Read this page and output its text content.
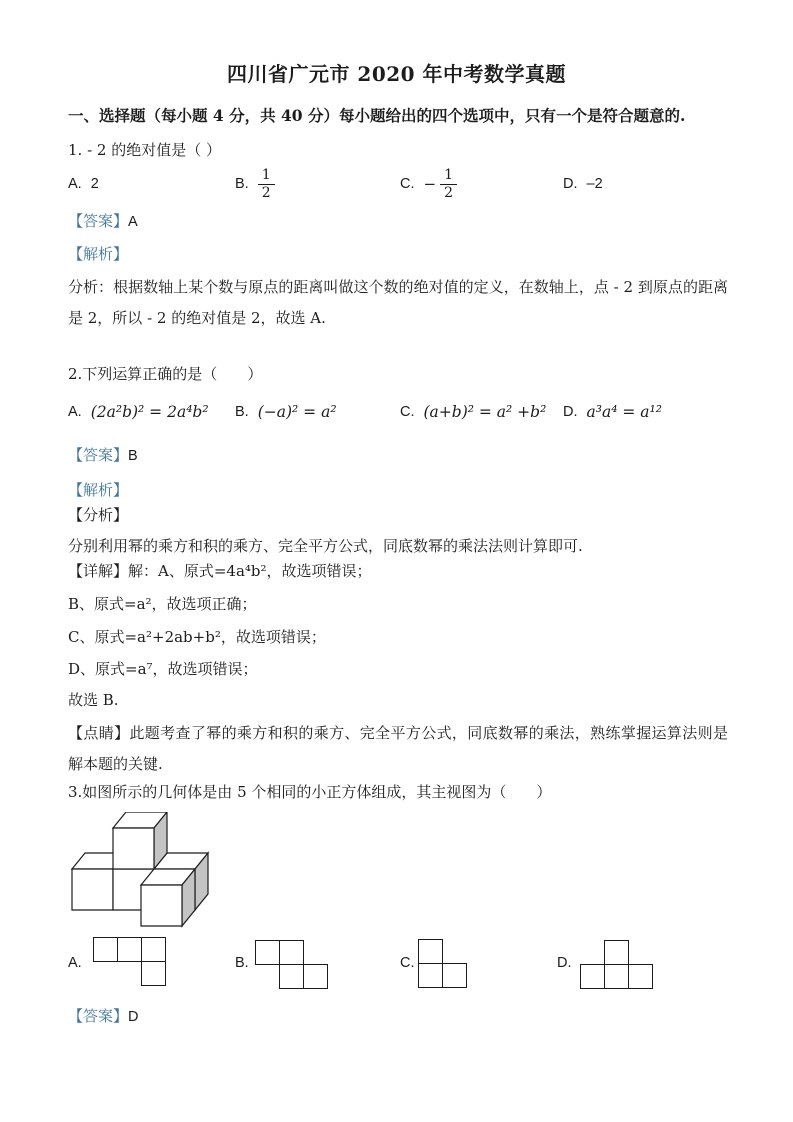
四川省广元市 2020 年中考数学真题
一、选择题（每小题 4 分，共 40 分）每小题给出的四个选项中，只有一个是符合题意的.
1. - 2 的绝对值是（ ）
A. 2	B. $\frac{1}{2}$	C. − $\frac{1}{2}$	D. –2
【答案】A
【解析】
分析：根据数轴上某个数与原点的距离叫做这个数的绝对值的定义，在数轴上，点 - 2 到原点的距离是 2，所以 - 2 的绝对值是 2，故选 A.
2.下列运算正确的是（　　）
A. (2a²b)² = 2a⁴b² B. (−a)² = a²	C. (a+b)² = a² +b² D. a³a⁴ = a¹²
【答案】B
【解析】
【分析】
分别利用幂的乘方和积的乘方、完全平方公式，同底数幂的乘法法则计算即可.
【详解】解：A、原式=4a⁴b²，故选项错误；
B、原式=a²，故选项正确；
C、原式=a²+2ab+b²，故选项错误；
D、原式=a⁷，故选项错误；
故选 B.
【点睛】此题考查了幂的乘方和积的乘方、完全平方公式，同底数幂的乘法，熟练掌握运算法则是解本题的关键.
3.如图所示的几何体是由 5 个相同的小正方体组成，其主视图为（　　）
A.	B.	C.	D.
【答案】D
